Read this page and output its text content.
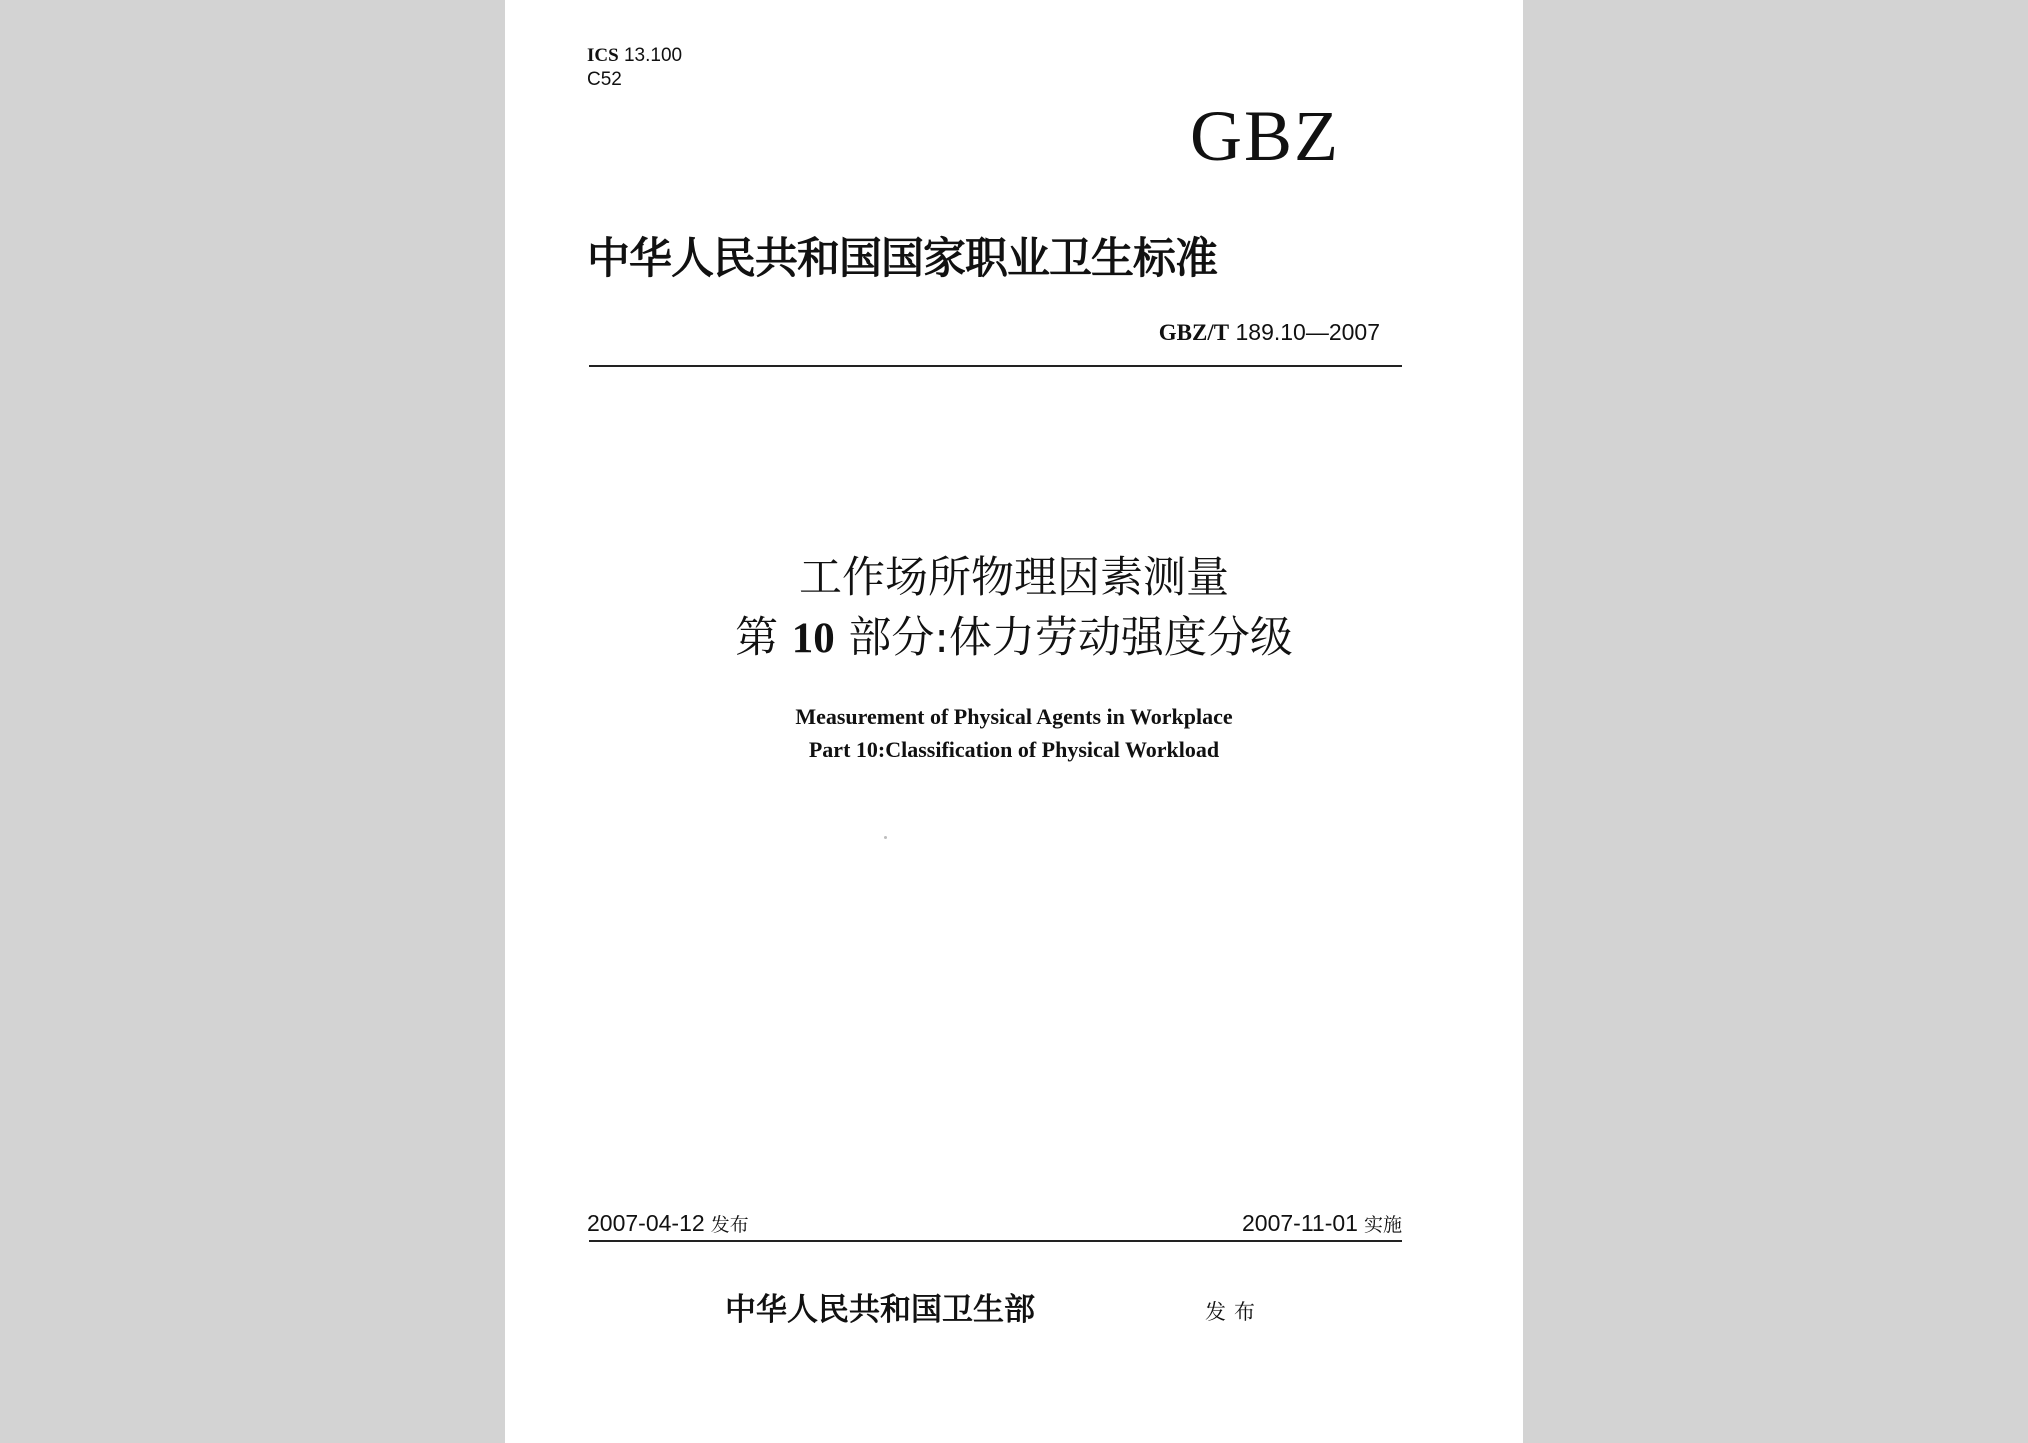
ICS 13.100
C52
GBZ
中华人民共和国国家职业卫生标准
GBZ/T 189.10—2007
工作场所物理因素测量
第 10 部分:体力劳动强度分级
Measurement of Physical Agents in Workplace
Part 10:Classification of Physical Workload
2007-04-12 发布	2007-11-01 实施
中华人民共和国卫生部	发布
